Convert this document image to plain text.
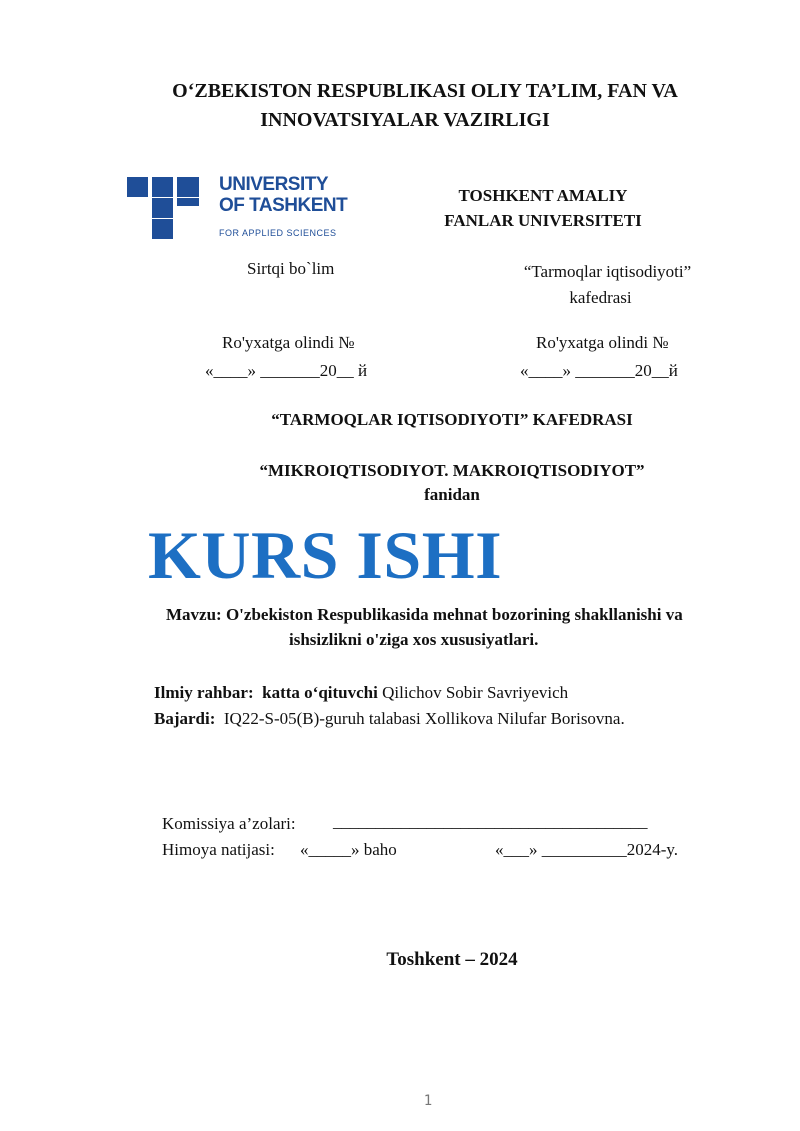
O‘ZBEKISTON RESPUBLIKASI OLIY TA’LIM, FAN VA
INNOVATSIYALAR VAZIRLIGI
UNIVERSITY
OF TASHKENT
FOR APPLIED SCIENCES
TOSHKENT AMALIY
FANLAR UNIVERSITETI
Sirtqi bo`lim	“Tarmoqlar iqtisodiyoti”
kafedrasi
Ro'yxatga olindi №
«____» _______20__ й
Ro'yxatga olindi №
«____» _______20__й
“TARMOQLAR IQTISODIYOTI” KAFEDRASI
“MIKROIQTISODIYOT. MAKROIQTISODIYOT”
fanidan
KURS ISHI
Mavzu: O'zbekiston Respublikasida mehnat bozorining shakllanishi va
ishsizlikni o'ziga xos xususiyatlari.
Ilmiy rahbar: katta o‘qituvchi Qilichov Sobir Savriyevich
Bajardi: IQ22-S-05(B)-guruh talabasi Xollikova Nilufar Borisovna.
Komissiya a’zolari: _____________________________________
Himoya natijasi: «_____» baho	«___» __________2024-y.
Toshkent – 2024
1
